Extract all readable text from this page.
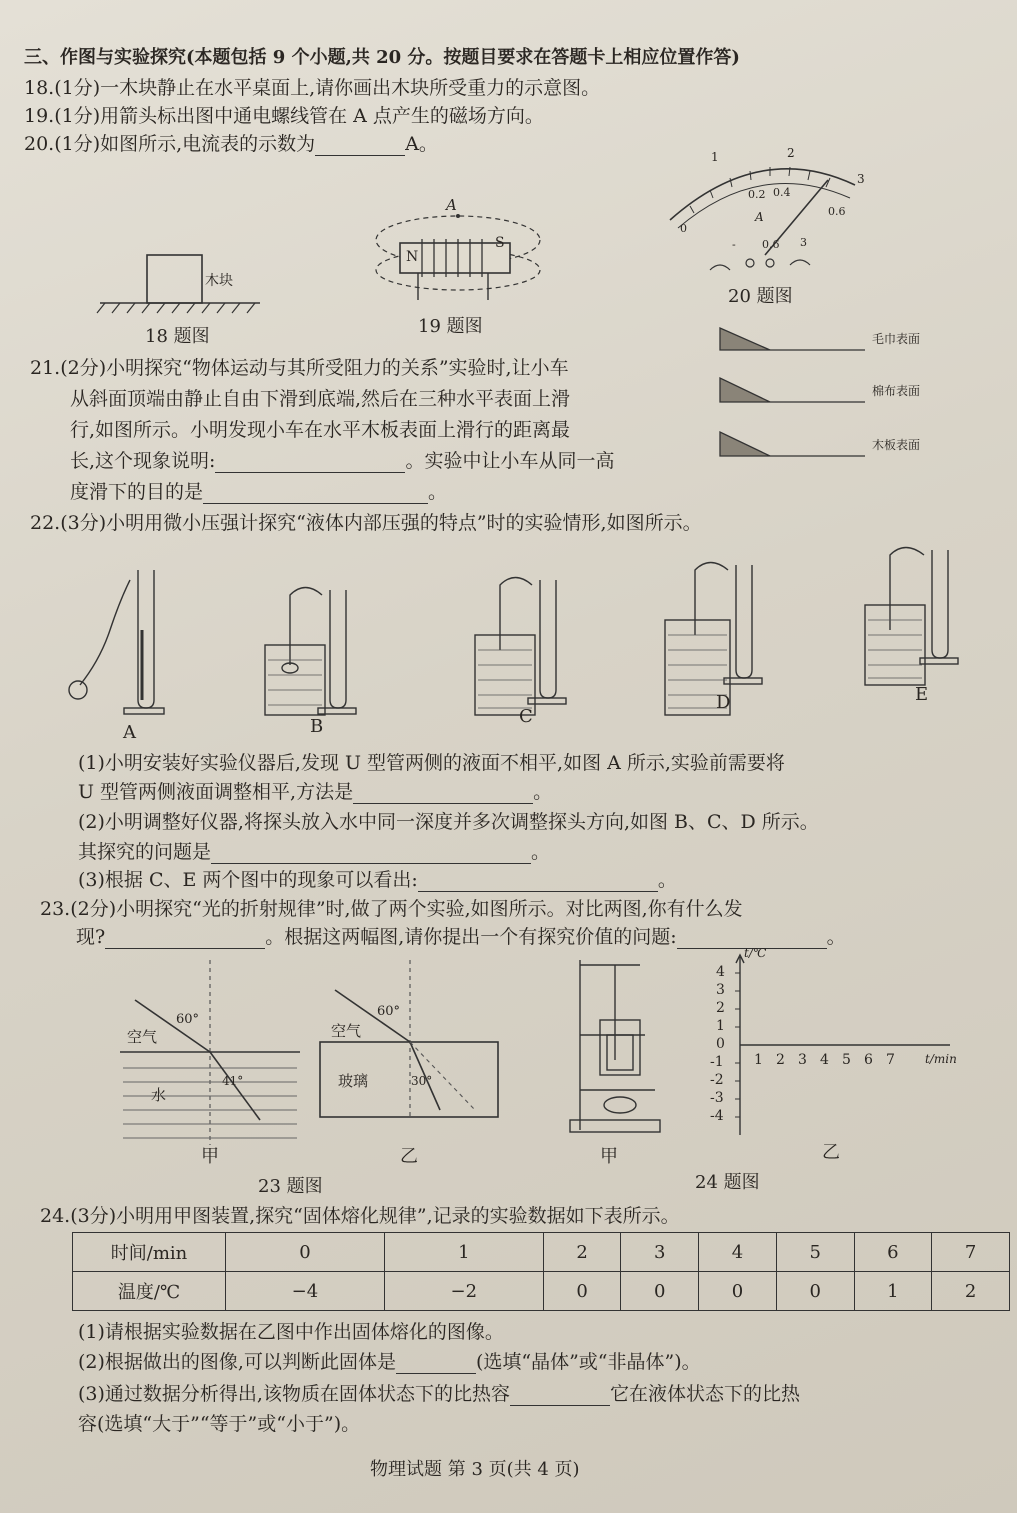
三、作图与实验探究(本题包括 9 个小题,共 20 分。按题目要求在答题卡上相应位置作答)
18.(1分)一木块静止在水平桌面上,请你画出木块所受重力的示意图。
19.(1分)用箭头标出图中通电螺线管在 A 点产生的磁场方向。
20.(1分)如图所示,电流表的示数为	A。
木块
18 题图
A
N
S
19 题图
1	2
3
0.2 0.4
0.6
0
A
- 0.6 3
20 题图
21.(2分)小明探究“物体运动与其所受阻力的关系”实验时,让小车
从斜面顶端由静止自由下滑到底端,然后在三种水平表面上滑
行,如图所示。小明发现小车在水平木板表面上滑行的距离最
长,这个现象说明:	。实验中让小车从同一高
度滑下的目的是	。
毛巾表面
棉布表面
木板表面
22.(3分)小明用微小压强计探究“液体内部压强的特点”时的实验情形,如图所示。
A	B	C
D	E
(1)小明安装好实验仪器后,发现 U 型管两侧的液面不相平,如图 A 所示,实验前需要将
U 型管两侧液面调整相平,方法是	。
(2)小明调整好仪器,将探头放入水中同一深度并多次调整探头方向,如图 B、C、D 所示。
其探究的问题是	。
(3)根据 C、E 两个图中的现象可以看出:	。
23.(2分)小明探究“光的折射规律”时,做了两个实验,如图所示。对比两图,你有什么发
现?	。根据这两幅图,请你提出一个有探究价值的问题:	。
空气
60°
水
41°
甲
空气
60°
玻璃	30°
乙
23 题图
甲
t/℃
t/min
4
3
2
1
0
-1
-2
-3
-4
1 2 3 4 5 6 7
乙
24 题图
24.(3分)小明用甲图装置,探究“固体熔化规律”,记录的实验数据如下表所示。
时间/min	0	1	2	3	4	5	6	7
温度/℃	−4	−2	0	0	0	0	1	2
(1)请根据实验数据在乙图中作出固体熔化的图像。
(2)根据做出的图像,可以判断此固体是	(选填“晶体”或“非晶体”)。
(3)通过数据分析得出,该物质在固体状态下的比热容	它在液体状态下的比热
容(选填“大于”“等于”或“小于”)。
物理试题 第 3 页(共 4 页)
